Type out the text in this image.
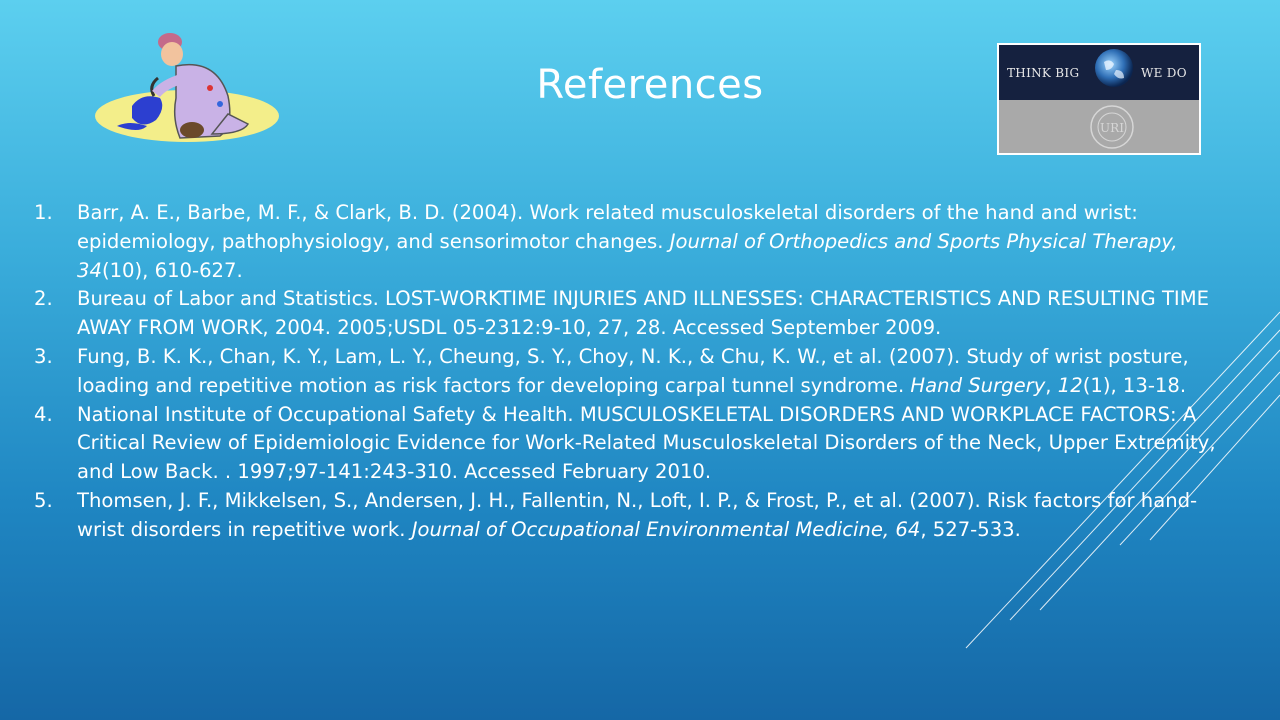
References	THINK BIG	WE DO
URI
1. Barr, A. E., Barbe, M. F., & Clark, B. D. (2004). Work related musculoskeletal disorders of the hand and wrist: epidemiology, pathophysiology, and sensorimotor changes. Journal of Orthopedics and Sports Physical Therapy, 34(10), 610-627.
2. Bureau of Labor and Statistics. LOST-WORKTIME INJURIES AND ILLNESSES: CHARACTERISTICS AND RESULTING TIME AWAY FROM WORK, 2004. 2005;USDL 05-2312:9-10, 27, 28. Accessed September 2009.
3. Fung, B. K. K., Chan, K. Y., Lam, L. Y., Cheung, S. Y., Choy, N. K., & Chu, K. W., et al. (2007). Study of wrist posture, loading and repetitive motion as risk factors for developing carpal tunnel syndrome. Hand Surgery, 12(1), 13-18.
4. National Institute of Occupational Safety & Health. MUSCULOSKELETAL DISORDERS AND WORKPLACE FACTORS: A Critical Review of Epidemiologic Evidence for Work-Related Musculoskeletal Disorders of the Neck, Upper Extremity, and Low Back. . 1997;97-141:243-310. Accessed February 2010.
5. Thomsen, J. F., Mikkelsen, S., Andersen, J. H., Fallentin, N., Loft, I. P., & Frost, P., et al. (2007). Risk factors for hand-wrist disorders in repetitive work. Journal of Occupational Environmental Medicine, 64, 527-533.
